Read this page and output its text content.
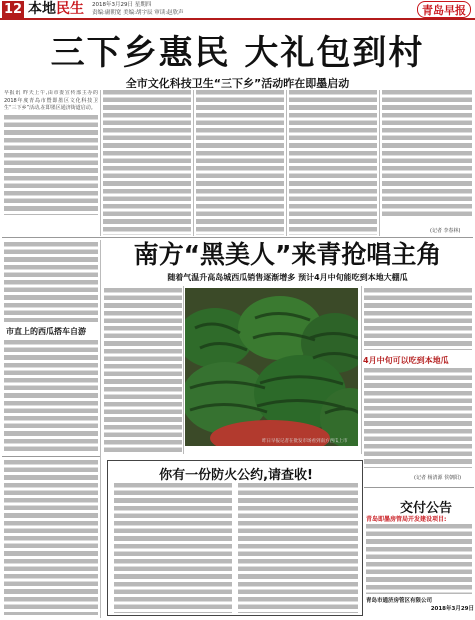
12 本地民生 2018年3月29日 星期四
责编:庸朝宽 美编:胡宇辰 审读:赵欣声	青岛早报
三下乡惠民 大礼包到村
全市文化科技卫生“三下乡”活动昨在即墨启动
早报讯 昨天上午,由市委宣传部主办的2018年度青岛市暨即墨区文化科技卫生“三下乡”活动,在即墨区通济街道启动。
(记者 李春林)
市直上的西瓜搭车自游
南方“黑美人”来青抢唱主角
随着气温升高岛城西瓜销售逐渐增多 预计4月中旬能吃到本地大棚瓜
昨日早报记者在批发市场看到南方西瓜上市
4月中旬可以吃到本地瓜
(记者 杨清源 侯朝阳)
你有一份防火公约,请查收!
交付公告
青岛即墨房管局开发建设项目:
青岛市通济房管区有限公司
2018年3月29日
